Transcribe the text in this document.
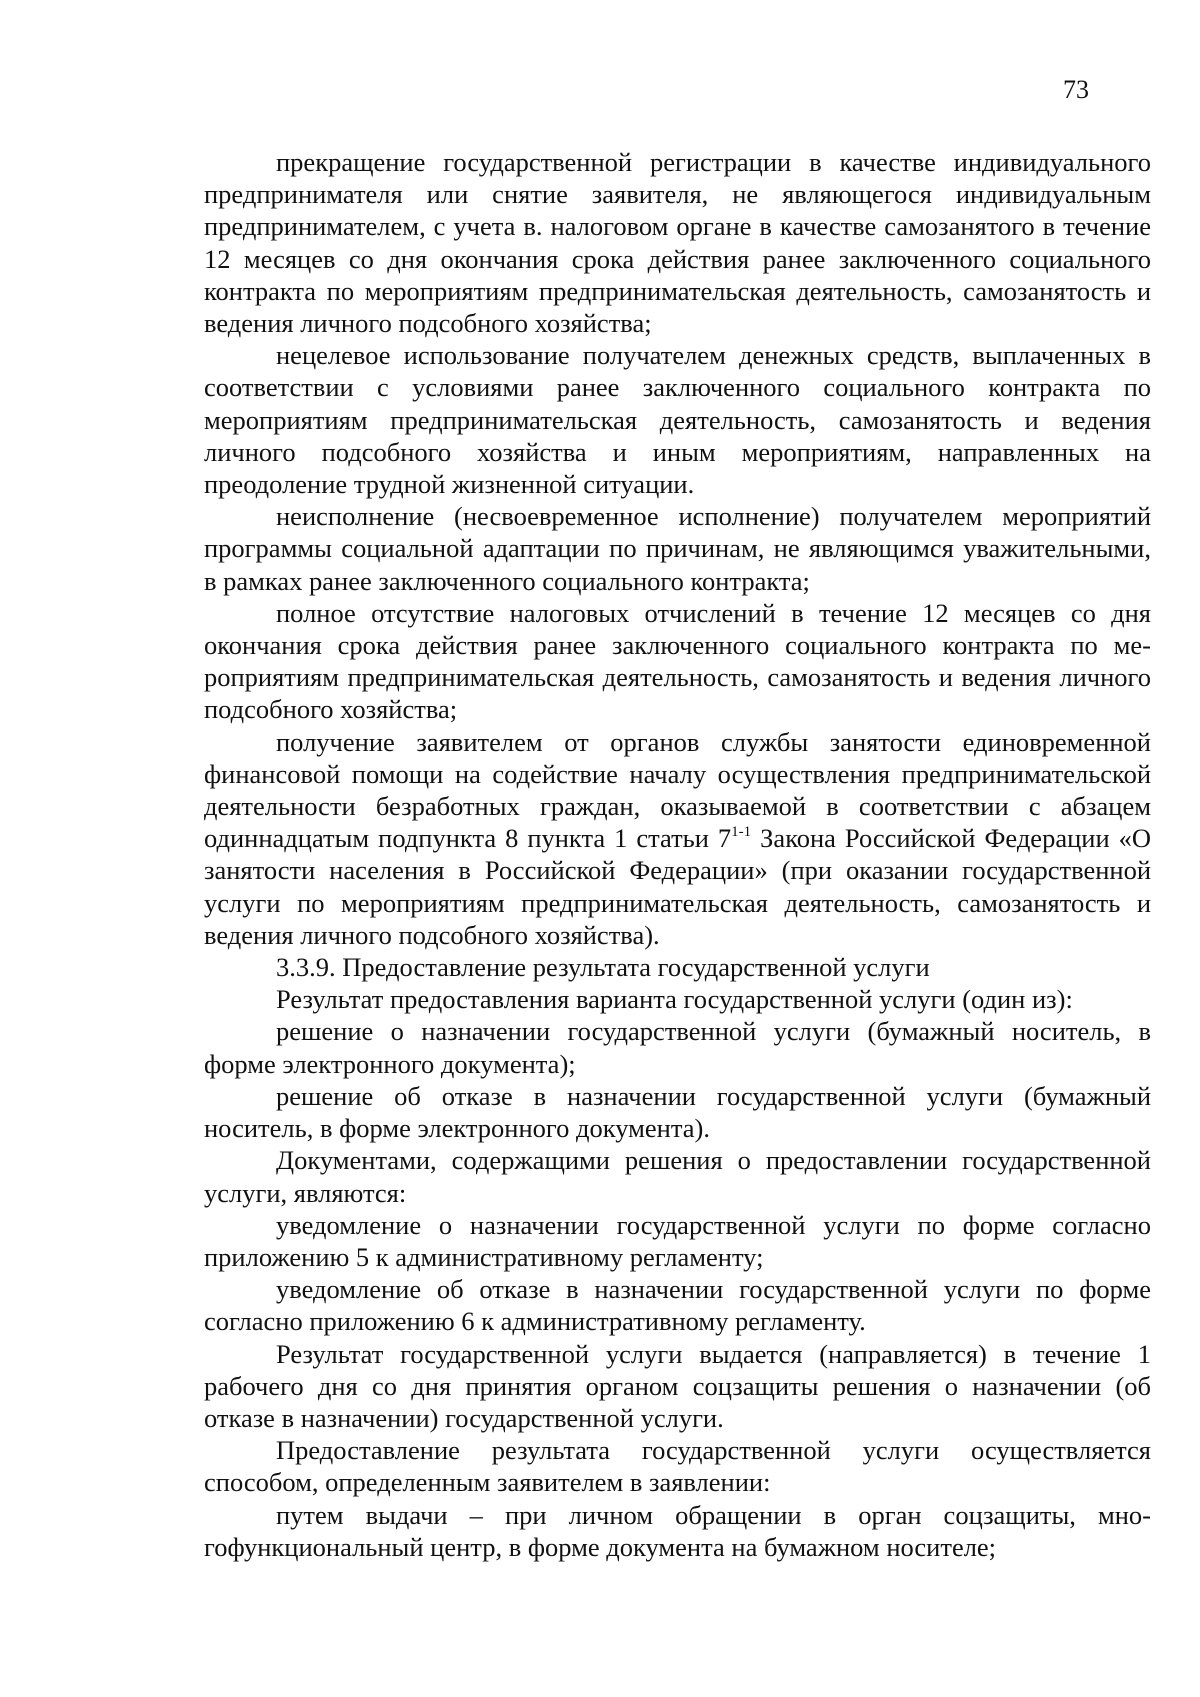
73

прекращение государственной регистрации в качестве индивидуального предпринимателя или снятие заявителя, не являющегося индивидуальным предпринимателем, с учета в. налоговом органе в качестве самозанятого в течение 12 месяцев со дня окончания срока действия ранее заключенного социального контракта по мероприятиям предпринимательская деятельность, самозанятость и ведения личного подсобного хозяйства;

нецелевое использование получателем денежных средств, выплаченных в соответствии с условиями ранее заключенного социального контракта по мероприятиям предпринимательская деятельность, самозанятость и ведения личного подсобного хозяйства и иным мероприятиям, направленных на преодоление трудной жизненной ситуации.

неисполнение (несвоевременное исполнение) получателем мероприятий программы социальной адаптации по причинам, не являющимся уважительными, в рамках ранее заключенного социального контракта;

полное отсутствие налоговых отчислений в течение 12 месяцев со дня окончания срока действия ранее заключенного социального контракта по мероприятиям предпринимательская деятельность, самозанятость и ведения личного подсобного хозяйства;

получение заявителем от органов службы занятости единовременной финансовой помощи на содействие началу осуществления предпринимательской деятельности безработных граждан, оказываемой в соответствии с абзацем одиннадцатым подпункта 8 пункта 1 статьи 7$^{1-1}$ Закона Российской Федерации «О занятости населения в Российской Федерации» (при оказании государственной услуги по мероприятиям предпринимательская деятельность, самозанятость и ведения личного подсобного хозяйства).

3.3.9. Предоставление результата государственной услуги

Результат предоставления варианта государственной услуги (один из):

решение о назначении государственной услуги (бумажный носитель, в форме электронного документа);

решение об отказе в назначении государственной услуги (бумажный носитель, в форме электронного документа).

Документами, содержащими решения о предоставлении государственной услуги, являются:

уведомление о назначении государственной услуги по форме согласно приложению 5 к административному регламенту;

уведомление об отказе в назначении государственной услуги по форме согласно приложению 6 к административному регламенту.

Результат государственной услуги выдается (направляется) в течение 1 рабочего дня со дня принятия органом соцзащиты решения о назначении (об отказе в назначении) государственной услуги.

Предоставление результата государственной услуги осуществляется способом, определенным заявителем в заявлении:

путем выдачи – при личном обращении в орган соцзащиты, многофункциональный центр, в форме документа на бумажном носителе;
